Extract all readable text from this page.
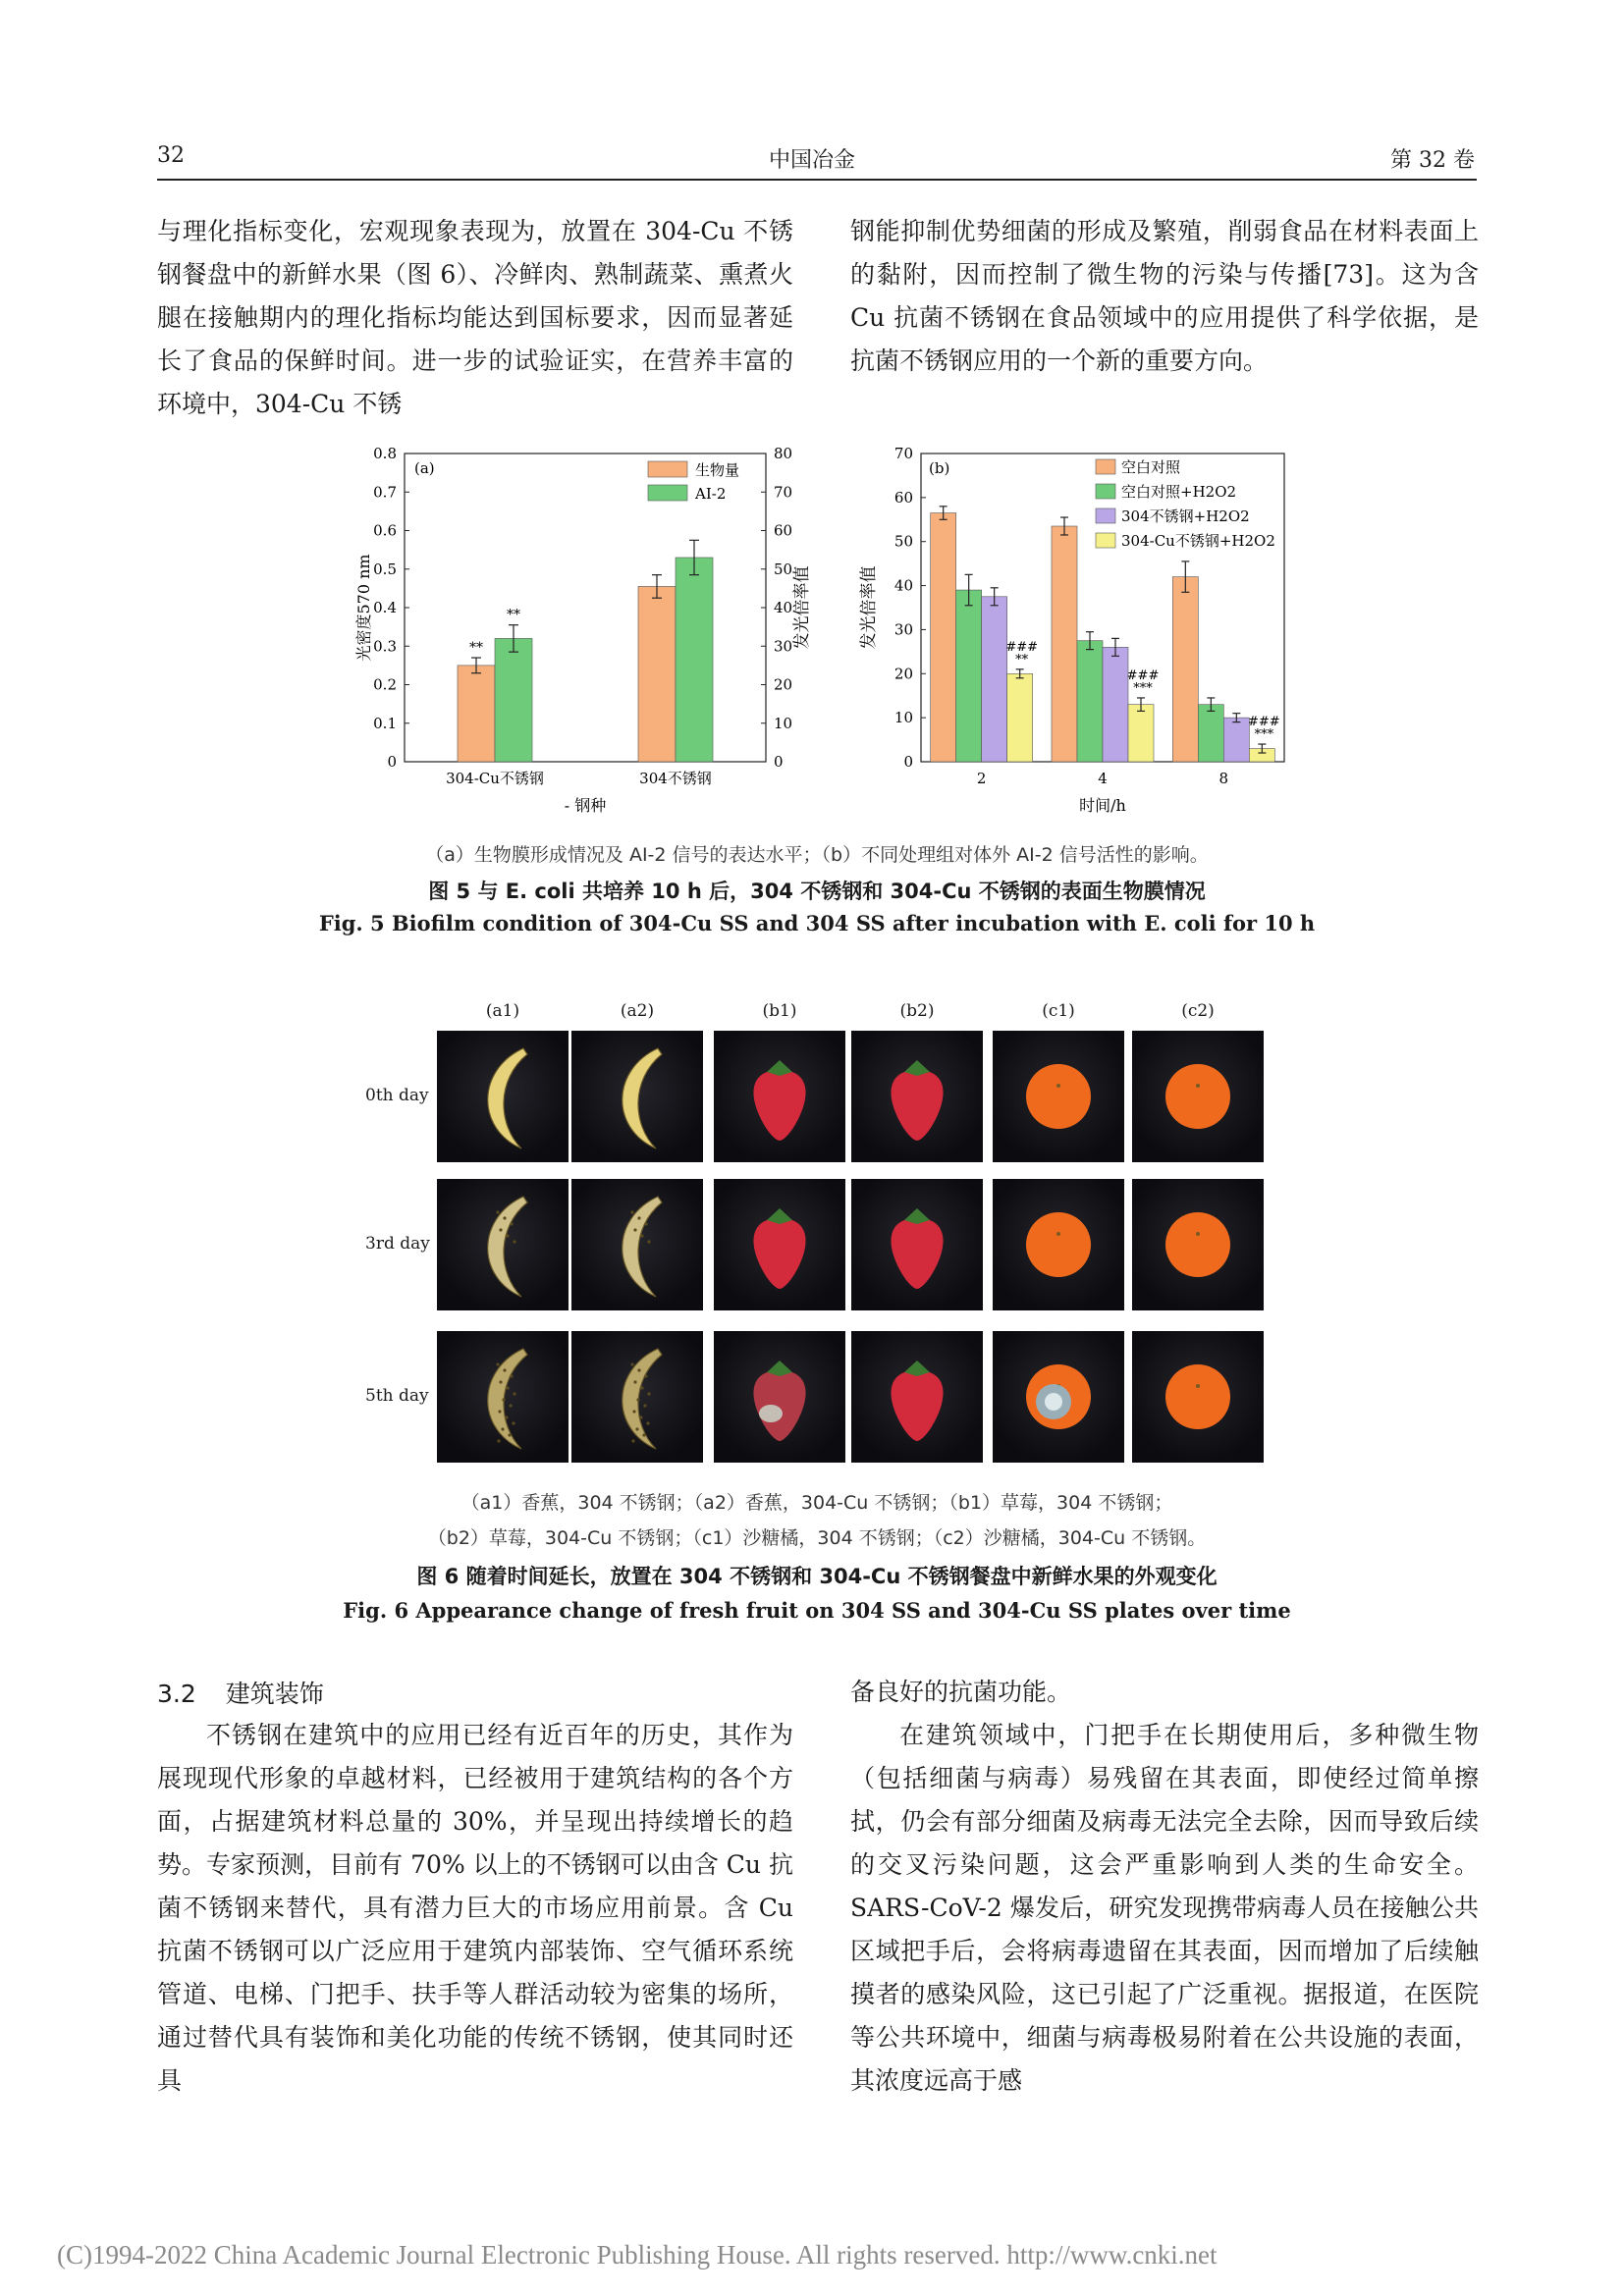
32	中国冶金	第 32 卷

与理化指标变化，宏观现象表现为，放置在 304-Cu 不锈钢餐盘中的新鲜水果（图 6）、冷鲜肉、熟制蔬菜、熏煮火腿在接触期内的理化指标均能达到国标要求，因而显著延长了食品的保鲜时间。进一步的试验证实，在营养丰富的环境中，304-Cu 不锈

钢能抑制优势细菌的形成及繁殖，削弱食品在材料表面上的黏附，因而控制了微生物的污染与传播[73]。这为含 Cu 抗菌不锈钢在食品领域中的应用提供了科学依据，是抗菌不锈钢应用的一个新的重要方向。

0
0.1
0.2
0.3
0.4
0.5
0.6
0.7
0.8
0
10
20
30
40
50
60
70
80
(a)
光密度570 nm	发光倍率值
304-Cu不锈钢
**
**
304不锈钢
- 钢种
生物量
AI-2
0
10
20
30
40
50
60
70
(b)
发光倍率值
2
### **
4
### ***
8
### ***
时间/h
空白对照
空白对照+H2O2
304不锈钢+H2O2
304-Cu不锈钢+H2O2
（a）生物膜形成情况及 AI-2 信号的表达水平；（b）不同处理组对体外 AI-2 信号活性的影响。
图 5 与 E. coli 共培养 10 h 后，304 不锈钢和 304-Cu 不锈钢的表面生物膜情况
Fig. 5 Biofilm condition of 304-Cu SS and 304 SS after incubation with E. coli for 10 h
(a1)	(a2)	(b1)	(b2)	(c1)	(c2)
0th day
3rd day
5th day
（a1）香蕉，304 不锈钢；（a2）香蕉，304-Cu 不锈钢；（b1）草莓，304 不锈钢；
（b2）草莓，304-Cu 不锈钢；（c1）沙糖橘，304 不锈钢；（c2）沙糖橘，304-Cu 不锈钢。
图 6 随着时间延长，放置在 304 不锈钢和 304-Cu 不锈钢餐盘中新鲜水果的外观变化
Fig. 6 Appearance change of fresh fruit on 304 SS and 304-Cu SS plates over time
3.2 建筑装饰

不锈钢在建筑中的应用已经有近百年的历史，其作为展现现代形象的卓越材料，已经被用于建筑结构的各个方面，占据建筑材料总量的 30%，并呈现出持续增长的趋势。专家预测，目前有 70% 以上的不锈钢可以由含 Cu 抗菌不锈钢来替代，具有潜力巨大的市场应用前景。含 Cu 抗菌不锈钢可以广泛应用于建筑内部装饰、空气循环系统管道、电梯、门把手、扶手等人群活动较为密集的场所，通过替代具有装饰和美化功能的传统不锈钢，使其同时还具

备良好的抗菌功能。

在建筑领域中，门把手在长期使用后，多种微生物（包括细菌与病毒）易残留在其表面，即使经过简单擦拭，仍会有部分细菌及病毒无法完全去除，因而导致后续的交叉污染问题，这会严重影响到人类的生命安全。SARS-CoV-2 爆发后，研究发现携带病毒人员在接触公共区域把手后，会将病毒遗留在其表面，因而增加了后续触摸者的感染风险，这已引起了广泛重视。据报道，在医院等公共环境中，细菌与病毒极易附着在公共设施的表面，其浓度远高于感

(C)1994-2022 China Academic Journal Electronic Publishing House. All rights reserved. http://www.cnki.net
